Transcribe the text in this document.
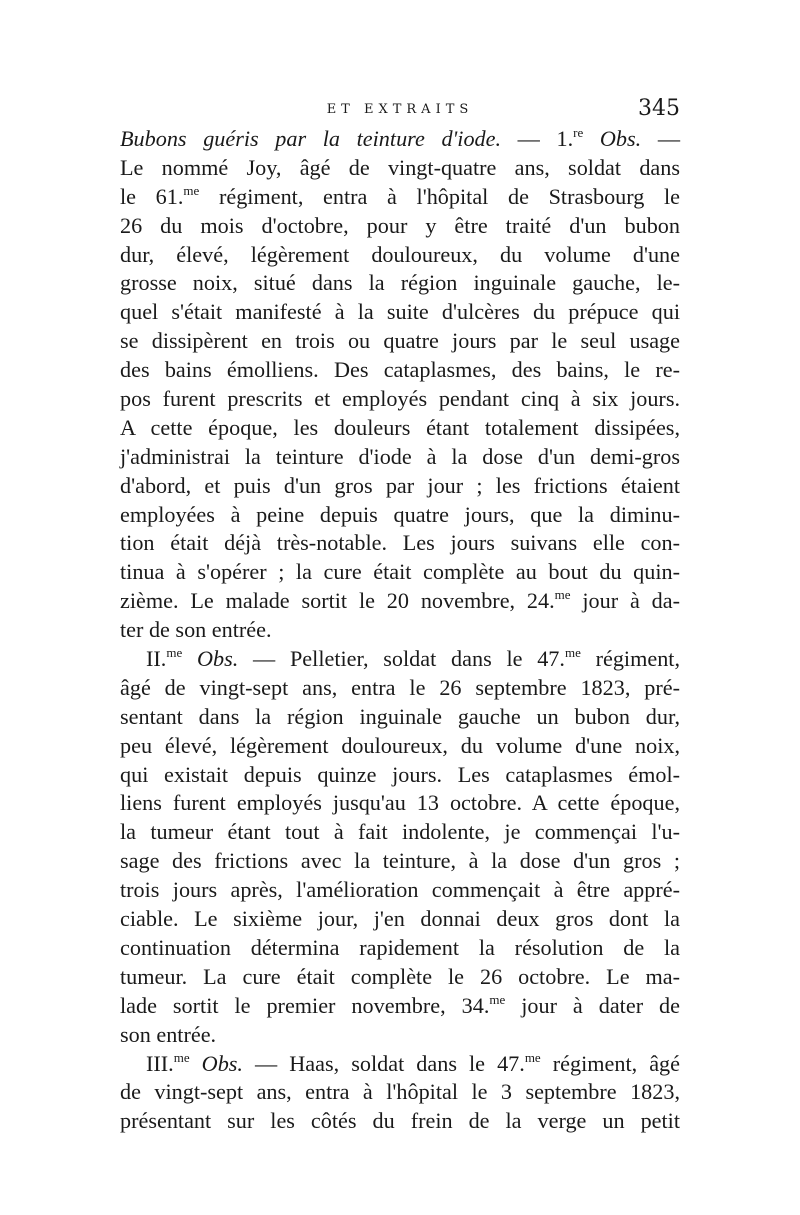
ET EXTRAITS	345
Bubons guéris par la teinture d'iode. — 1.$^{re}$ Obs. —
Le nommé Joy, âgé de vingt-quatre ans, soldat dans
le 61.$^{me}$ régiment, entra à l'hôpital de Strasbourg le
26 du mois d'octobre, pour y être traité d'un bubon
dur, élevé, légèrement douloureux, du volume d'une
grosse noix, situé dans la région inguinale gauche, le-
quel s'était manifesté à la suite d'ulcères du prépuce qui
se dissipèrent en trois ou quatre jours par le seul usage
des bains émolliens. Des cataplasmes, des bains, le re-
pos furent prescrits et employés pendant cinq à six jours.
A cette époque, les douleurs étant totalement dissipées,
j'administrai la teinture d'iode à la dose d'un demi-gros
d'abord, et puis d'un gros par jour ; les frictions étaient
employées à peine depuis quatre jours, que la diminu-
tion était déjà très-notable. Les jours suivans elle con-
tinua à s'opérer ; la cure était complète au bout du quin-
zième. Le malade sortit le 20 novembre, 24.$^{me}$ jour à da-
ter de son entrée.
II.$^{me}$ Obs. — Pelletier, soldat dans le 47.$^{me}$ régiment,
âgé de vingt-sept ans, entra le 26 septembre 1823, pré-
sentant dans la région inguinale gauche un bubon dur,
peu élevé, légèrement douloureux, du volume d'une noix,
qui existait depuis quinze jours. Les cataplasmes émol-
liens furent employés jusqu'au 13 octobre. A cette époque,
la tumeur étant tout à fait indolente, je commençai l'u-
sage des frictions avec la teinture, à la dose d'un gros ;
trois jours après, l'amélioration commençait à être appré-
ciable. Le sixième jour, j'en donnai deux gros dont la
continuation détermina rapidement la résolution de la
tumeur. La cure était complète le 26 octobre. Le ma-
lade sortit le premier novembre, 34.$^{me}$ jour à dater de
son entrée.
III.$^{me}$ Obs. — Haas, soldat dans le 47.$^{me}$ régiment, âgé
de vingt-sept ans, entra à l'hôpital le 3 septembre 1823,
présentant sur les côtés du frein de la verge un petit
